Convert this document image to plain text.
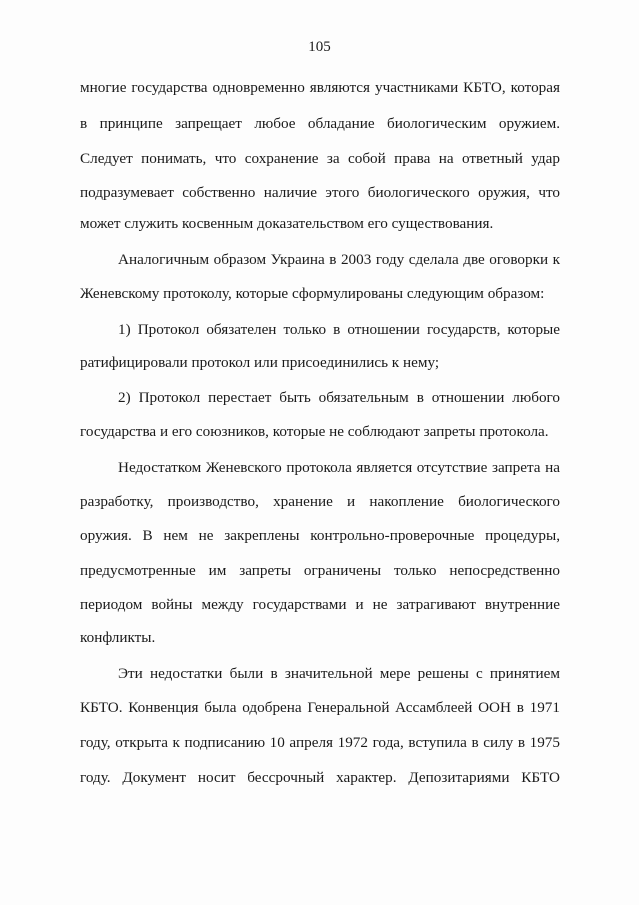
105
многие государства одновременно являются участниками КБТО, которая
в принципе запрещает любое обладание биологическим оружием.
Следует понимать, что сохранение за собой права на ответный удар
подразумевает собственно наличие этого биологического оружия, что
может служить косвенным доказательством его существования.
Аналогичным образом Украина в 2003 году сделала две оговорки к
Женевскому протоколу, которые сформулированы следующим образом:
1) Протокол обязателен только в отношении государств, которые
ратифицировали протокол или присоединились к нему;
2) Протокол перестает быть обязательным в отношении любого
государства и его союзников, которые не соблюдают запреты протокола.
Недостатком Женевского протокола является отсутствие запрета на
разработку, производство, хранение и накопление биологического
оружия. В нем не закреплены контрольно-проверочные процедуры,
предусмотренные им запреты ограничены только непосредственно
периодом войны между государствами и не затрагивают внутренние
конфликты.
Эти недостатки были в значительной мере решены с принятием
КБТО. Конвенция была одобрена Генеральной Ассамблеей ООН в 1971
году, открыта к подписанию 10 апреля 1972 года, вступила в силу в 1975
году. Документ носит бессрочный характер. Депозитариями КБТО
